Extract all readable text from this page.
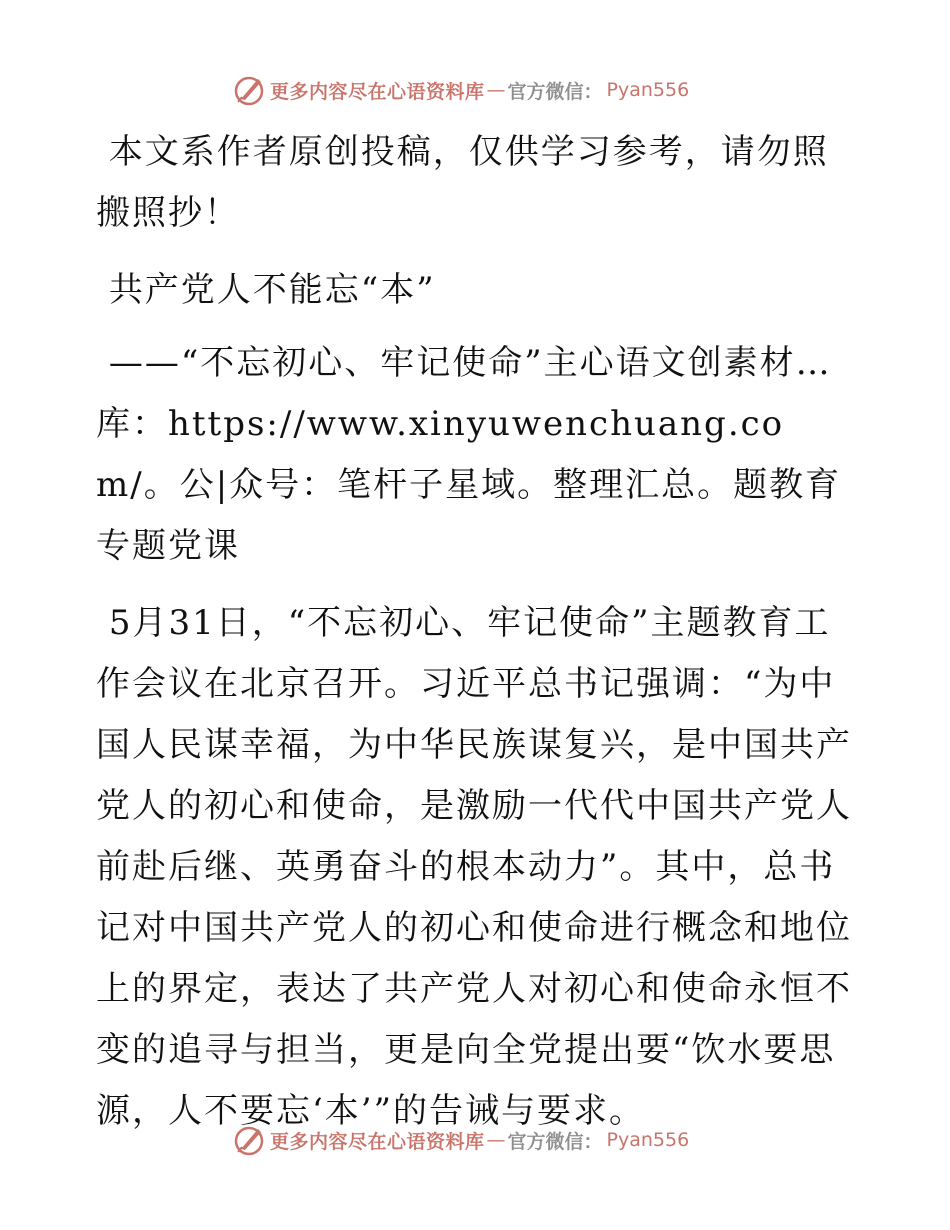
更多内容尽在心语资料库 — 官方微信： Pyan556

本文系作者原创投稿，仅供学习参考，请勿照搬照抄！

共产党人不能忘“本”

——“不忘初心、牢记使命”主心语文创素材…库：https://www.xinyuwenchuang.com/。公|众号：笔杆子星域。整理汇总。题教育专题党课

5月31日，“不忘初心、牢记使命”主题教育工作会议在北京召开。习近平总书记强调：“为中国人民谋幸福，为中华民族谋复兴，是中国共产党人的初心和使命，是激励一代代中国共产党人前赴后继、英勇奋斗的根本动力”。其中，总书记对中国共产党人的初心和使命进行概念和地位上的界定，表达了共产党人对初心和使命永恒不变的追寻与担当，更是向全党提出要“饮水要思源，人不要忘‘本’”的告诫与要求。

更多内容尽在心语资料库 — 官方微信： Pyan556
